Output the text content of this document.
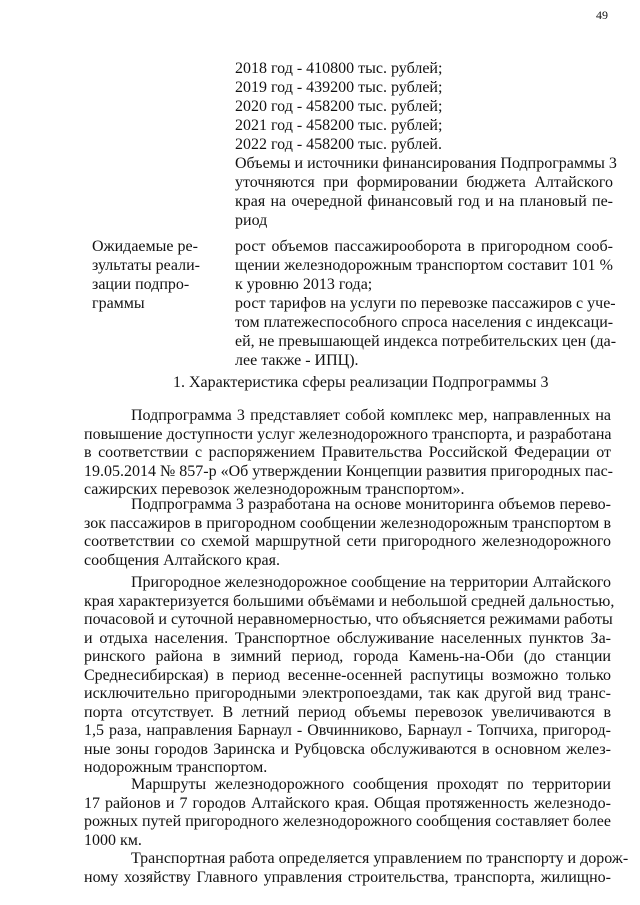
49
2018 год - 410800 тыс. рублей;
2019 год - 439200 тыс. рублей;
2020 год - 458200 тыс. рублей;
2021 год - 458200 тыс. рублей;
2022 год - 458200 тыс. рублей.
Объемы и источники финансирования Подпрограммы 3
уточняются при формировании бюджета Алтайского
края на очередной финансовый год и на плановый пе-
риод
Ожидаемые ре-
зультаты реали-
зации подпро-
граммы
рост объемов пассажирооборота в пригородном сооб-
щении железнодорожным транспортом составит 101 %
к уровню 2013 года;
рост тарифов на услуги по перевозке пассажиров с уче-
том платежеспособного спроса населения с индексаци-
ей, не превышающей индекса потребительских цен (да-
лее также - ИПЦ).
1. Характеристика сферы реализации Подпрограммы 3
Подпрограмма 3 представляет собой комплекс мер, направленных на
повышение доступности услуг железнодорожного транспорта, и разработана
в соответствии с распоряжением Правительства Российской Федерации от
19.05.2014 № 857-р «Об утверждении Концепции развития пригородных пас-
сажирских перевозок железнодорожным транспортом».
Подпрограмма 3 разработана на основе мониторинга объемов перево-
зок пассажиров в пригородном сообщении железнодорожным транспортом в
соответствии со схемой маршрутной сети пригородного железнодорожного
сообщения Алтайского края.
Пригородное железнодорожное сообщение на территории Алтайского
края характеризуется большими объёмами и небольшой средней дальностью,
почасовой и суточной неравномерностью, что объясняется режимами работы
и отдыха населения. Транспортное обслуживание населенных пунктов За-
ринского района в зимний период, города Камень-на-Оби (до станции
Среднесибирская) в период весенне-осенней распутицы возможно только
исключительно пригородными электропоездами, так как другой вид транс-
порта отсутствует. В летний период объемы перевозок увеличиваются в
1,5 раза, направления Барнаул - Овчинниково, Барнаул - Топчиха, пригород-
ные зоны городов Заринска и Рубцовска обслуживаются в основном желез-
нодорожным транспортом.
Маршруты железнодорожного сообщения проходят по территории
17 районов и 7 городов Алтайского края. Общая протяженность железнодо-
рожных путей пригородного железнодорожного сообщения составляет более
1000 км.
Транспортная работа определяется управлением по транспорту и дорож-
ному хозяйству Главного управления строительства, транспорта, жилищно-
